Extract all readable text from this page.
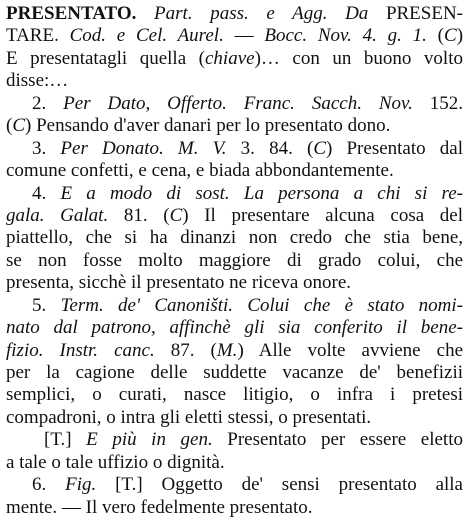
PRESENTATO. Part. pass. e Agg. Da PRESEN-
TARE. Cod. e Cel. Aurel. — Bocc. Nov. 4. g. 1. (C)
E presentatagli quella (chiave)… con un buono volto
disse:…
2. Per Dato, Offerto. Franc. Sacch. Nov. 152.
(C) Pensando d'aver danari per lo presentato dono.
3. Per Donato. M. V. 3. 84. (C) Presentato dal
comune confetti, e cena, e biada abbondantemente.
4. E a modo di sost. La persona a chi si re-
gala. Galat. 81. (C) Il presentare alcuna cosa del
piattello, che si ha dinanzi non credo che stia bene,
se non fosse molto maggiore di grado colui, che
presenta, sicchè il presentato ne riceva onore.
5. Term. de' Canoništi. Colui che è stato nomi-
nato dal patrono, affinchè gli sia conferito il bene-
fizio. Instr. canc. 87. (M.) Alle volte avviene che
per la cagione delle suddette vacanze de' benefizii
semplici, o curati, nasce litigio, o infra i pretesi
compadroni, o intra gli eletti stessi, o presentati.
[T.] E più in gen. Presentato per essere eletto
a tale o tale uffizio o dignità.
6. Fig. [T.] Oggetto de' sensi presentato alla
mente. — Il vero fedelmente presentato.
